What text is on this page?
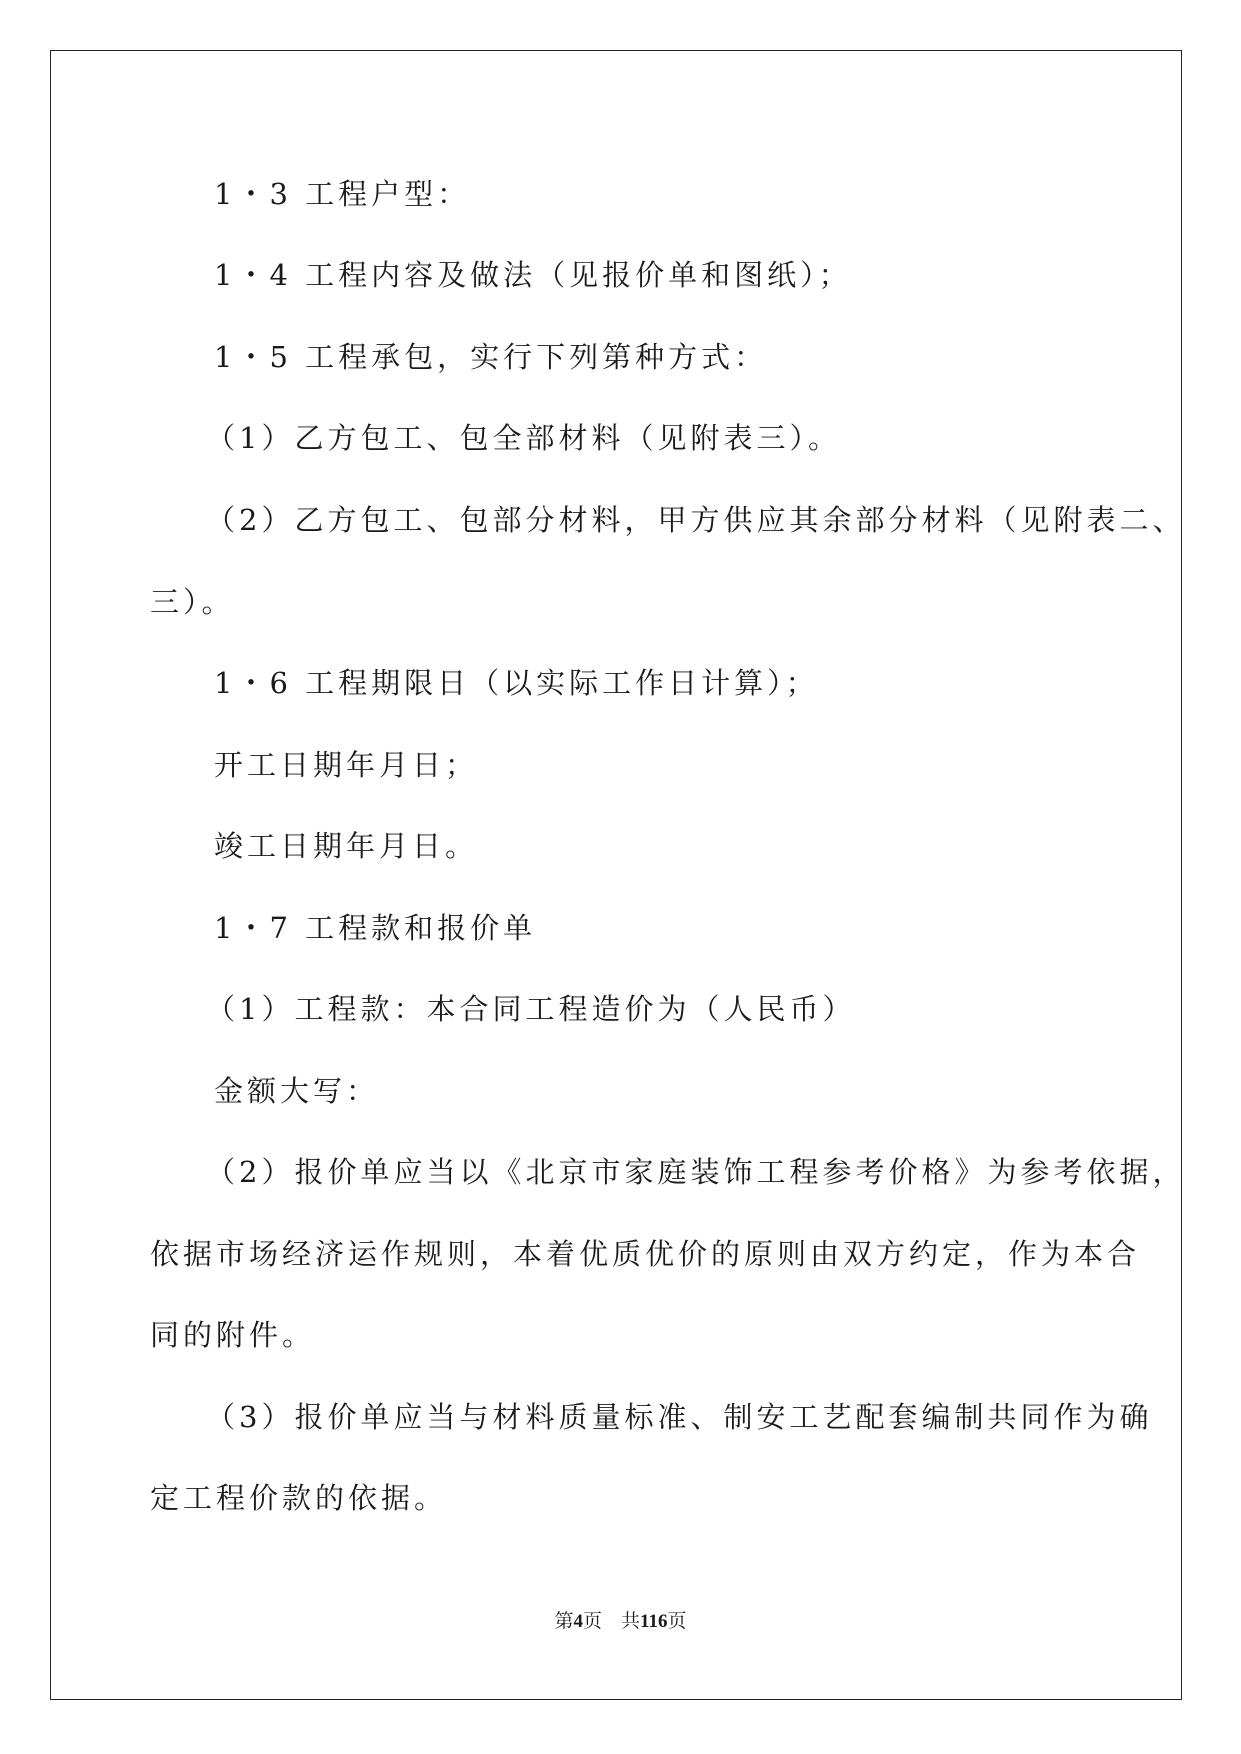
1・3 工程户型：
1・4 工程内容及做法（见报价单和图纸）；
1・5 工程承包，实行下列第种方式：
（1）乙方包工、包全部材料（见附表三）。
（2）乙方包工、包部分材料，甲方供应其余部分材料（见附表二、
三）。
1・6 工程期限日（以实际工作日计算）；
开工日期年月日；
竣工日期年月日。
1・7 工程款和报价单
（1）工程款：本合同工程造价为（人民币）
金额大写：
（2）报价单应当以《北京市家庭装饰工程参考价格》为参考依据，
依据市场经济运作规则，本着优质优价的原则由双方约定，作为本合
同的附件。
（3）报价单应当与材料质量标准、制安工艺配套编制共同作为确
定工程价款的依据。
第4页　共116页
